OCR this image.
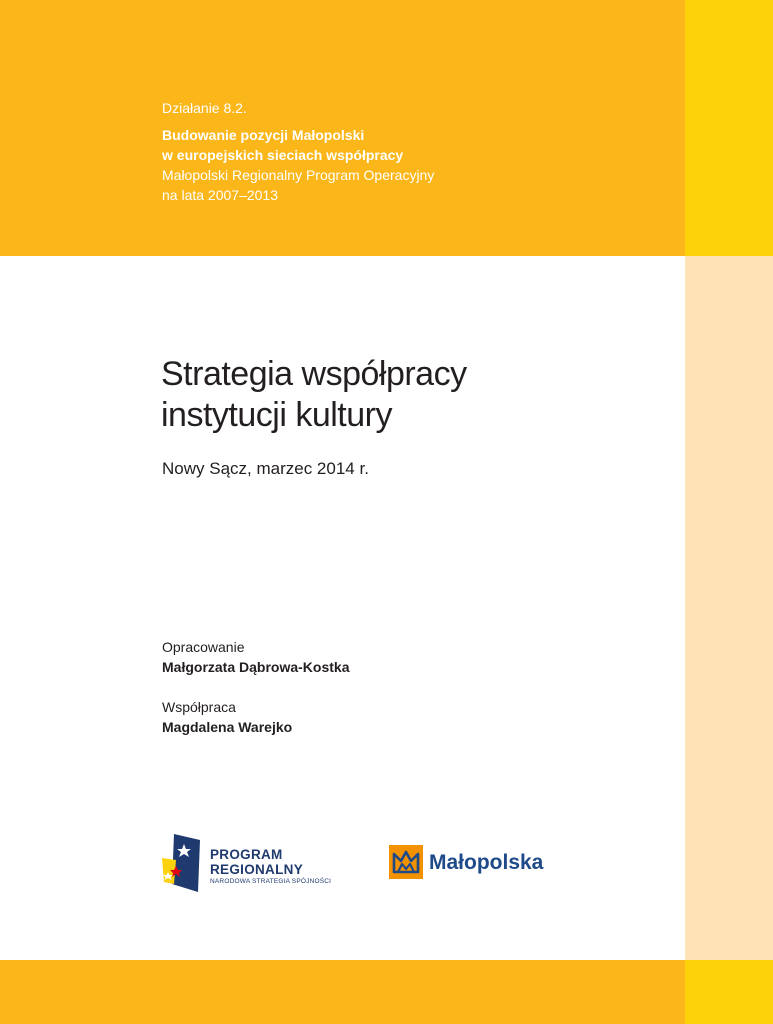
Działanie 8.2.
Budowanie pozycji Małopolski
w europejskich sieciach współpracy
Małopolski Regionalny Program Operacyjny
na lata 2007–2013
Strategia współpracy
instytucji kultury
Nowy Sącz, marzec 2014 r.
Opracowanie
Małgorzata Dąbrowa-Kostka
Współpraca
Magdalena Warejko
PROGRAM
REGIONALNY
NARODOWA STRATEGIA SPÓJNOŚCI
Małopolska
